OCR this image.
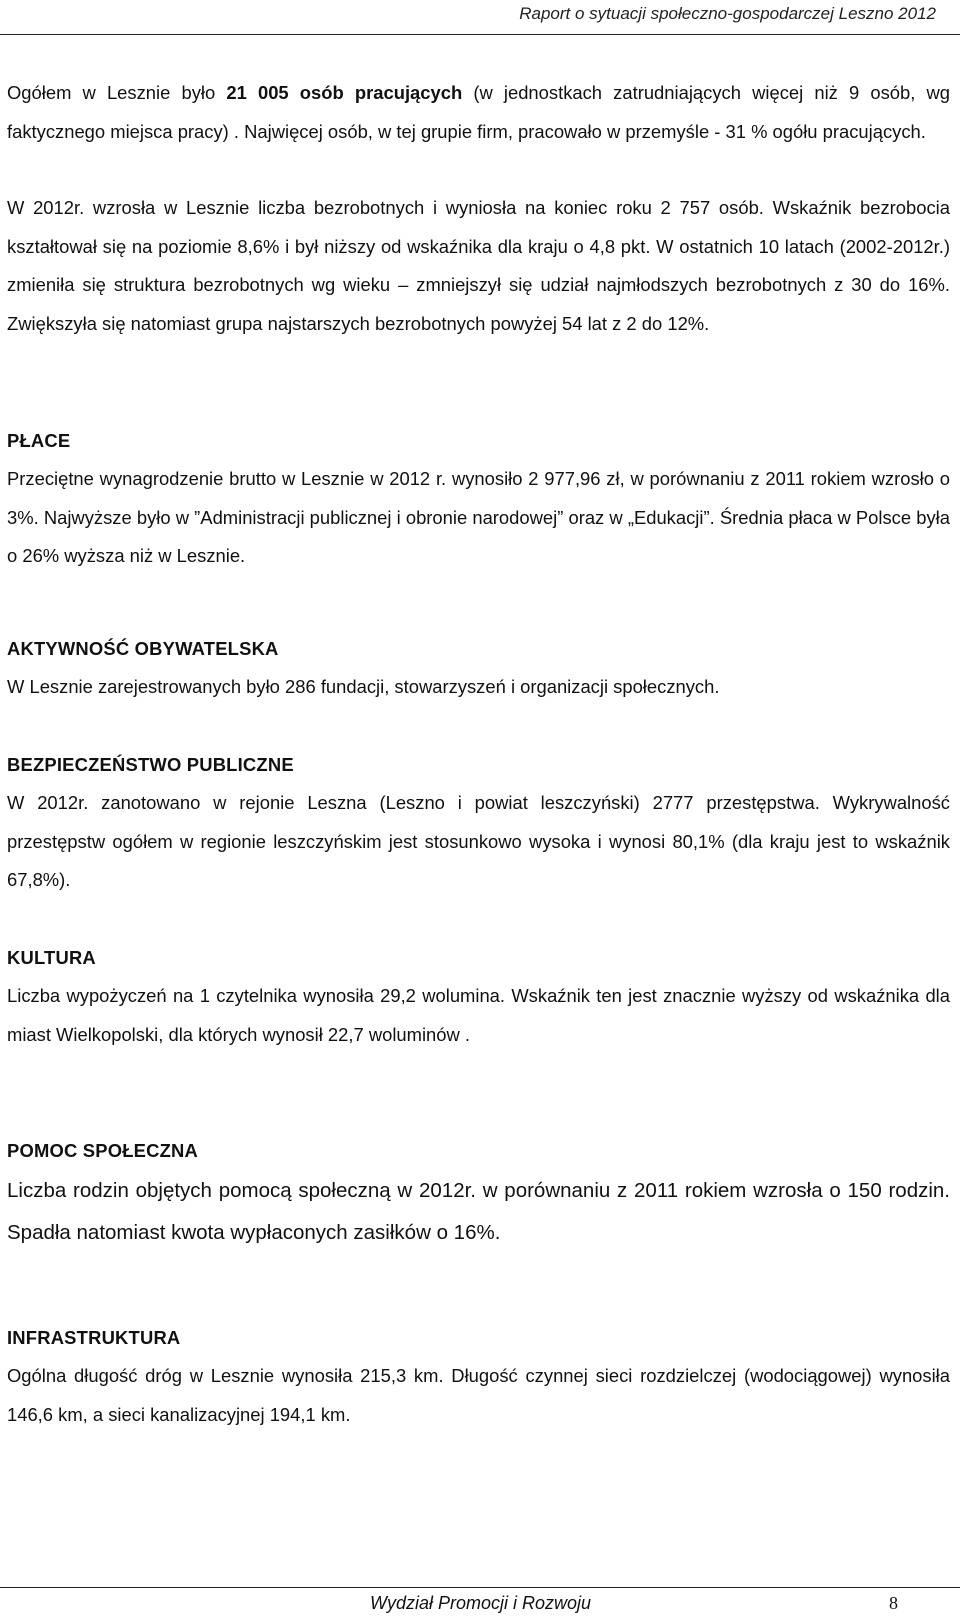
Raport o sytuacji społeczno-gospodarczej Leszno 2012

Ogółem w Lesznie było 21 005 osób pracujących (w jednostkach zatrudniających więcej niż 9 osób, wg faktycznego miejsca pracy) . Najwięcej osób, w tej grupie firm, pracowało w przemyśle - 31 % ogółu pracujących.

W 2012r. wzrosła w Lesznie liczba bezrobotnych i wyniosła na koniec roku 2 757 osób. Wskaźnik bezrobocia kształtował się na poziomie 8,6% i był niższy od wskaźnika dla kraju o 4,8 pkt. W ostatnich 10 latach (2002-2012r.) zmieniła się struktura bezrobotnych wg wieku – zmniejszył się udział najmłodszych bezrobotnych z 30 do 16%. Zwiększyła się natomiast grupa najstarszych bezrobotnych powyżej 54 lat z 2 do 12%.

PŁACE

Przeciętne wynagrodzenie brutto w Lesznie w 2012 r. wynosiło 2 977,96 zł, w porównaniu z 2011 rokiem wzrosło o 3%. Najwyższe było w ”Administracji publicznej i obronie narodowej” oraz w „Edukacji”. Średnia płaca w Polsce była o 26% wyższa niż w Lesznie.

AKTYWNOŚĆ OBYWATELSKA

W Lesznie zarejestrowanych było 286 fundacji, stowarzyszeń i organizacji społecznych.

BEZPIECZEŃSTWO PUBLICZNE

W 2012r. zanotowano w rejonie Leszna (Leszno i powiat leszczyński) 2777 przestępstwa. Wykrywalność przestępstw ogółem w regionie leszczyńskim jest stosunkowo wysoka i wynosi 80,1% (dla kraju jest to wskaźnik 67,8%).

KULTURA

Liczba wypożyczeń na 1 czytelnika wynosiła 29,2 wolumina. Wskaźnik ten jest znacznie wyższy od wskaźnika dla miast Wielkopolski, dla których wynosił 22,7 woluminów .

POMOC SPOŁECZNA

Liczba rodzin objętych pomocą społeczną w 2012r. w porównaniu z 2011 rokiem wzrosła o 150 rodzin. Spadła natomiast kwota wypłaconych zasiłków o 16%.

INFRASTRUKTURA

Ogólna długość dróg w Lesznie wynosiła 215,3 km. Długość czynnej sieci rozdzielczej (wodociągowej) wynosiła 146,6 km, a sieci kanalizacyjnej 194,1 km.

Wydział Promocji i Rozwoju	8
